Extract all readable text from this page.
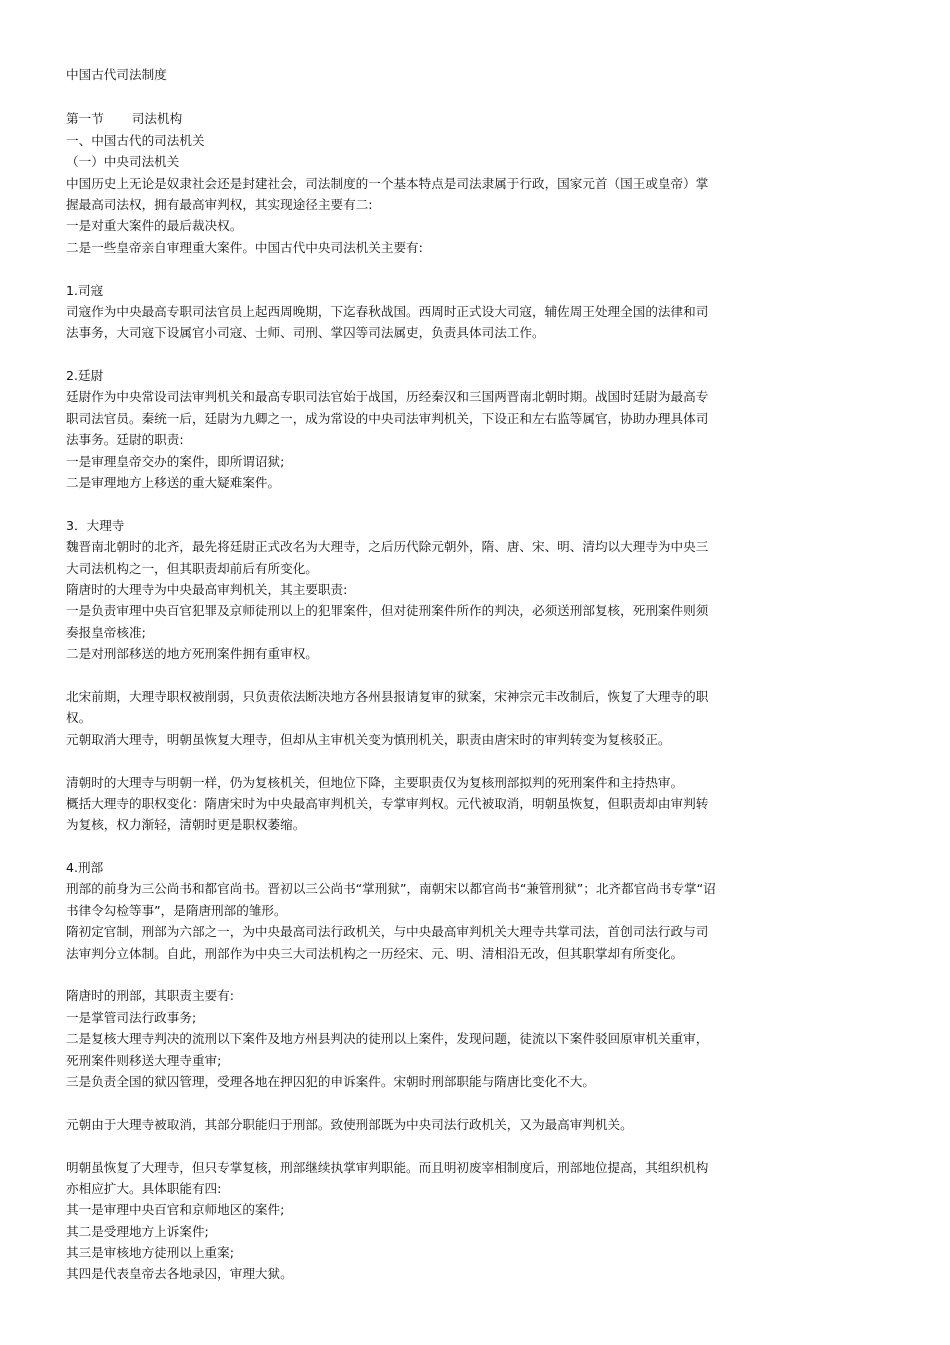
中国古代司法制度
第一节 司法机构
一、中国古代的司法机关
（一）中央司法机关
中国历史上无论是奴隶社会还是封建社会，司法制度的一个基本特点是司法隶属于行政，国家元首（国王或皇帝）掌
握最高司法权，拥有最高审判权，其实现途径主要有二:
一是对重大案件的最后裁决权。
二是一些皇帝亲自审理重大案件。中国古代中央司法机关主要有:
1.司寇
司寇作为中央最高专职司法官员上起西周晚期，下迄春秋战国。西周时正式设大司寇，辅佐周王处理全国的法律和司
法事务，大司寇下设属官小司寇、士师、司刑、掌囚等司法属吏，负责具体司法工作。
2.廷尉
廷尉作为中央常设司法审判机关和最高专职司法官始于战国，历经秦汉和三国两晋南北朝时期。战国时廷尉为最高专
职司法官员。秦统一后，廷尉为九卿之一，成为常设的中央司法审判机关，下设正和左右监等属官，协助办理具体司
法事务。廷尉的职责:
一是审理皇帝交办的案件，即所谓诏狱;
二是审理地方上移送的重大疑难案件。
3．大理寺
魏晋南北朝时的北齐，最先将廷尉正式改名为大理寺，之后历代除元朝外，隋、唐、宋、明、清均以大理寺为中央三
大司法机构之一，但其职责却前后有所变化。
隋唐时的大理寺为中央最高审判机关，其主要职责:
一是负责审理中央百官犯罪及京师徒刑以上的犯罪案件，但对徒刑案件所作的判决，必须送刑部复核，死刑案件则须
奏报皇帝核准;
二是对刑部移送的地方死刑案件拥有重审权。
北宋前期，大理寺职权被削弱，只负责依法断决地方各州县报请复审的狱案，宋神宗元丰改制后，恢复了大理寺的职
权。
元朝取消大理寺，明朝虽恢复大理寺，但却从主审机关变为慎刑机关，职责由唐宋时的审判转变为复核驳正。
清朝时的大理寺与明朝一样，仍为复核机关，但地位下降，主要职责仅为复核刑部拟判的死刑案件和主持热审。
概括大理寺的职权变化：隋唐宋时为中央最高审判机关，专掌审判权。元代被取消，明朝虽恢复，但职责却由审判转
为复核，权力渐轻，清朝时更是职权萎缩。
4.刑部
刑部的前身为三公尚书和都官尚书。晋初以三公尚书“掌刑狱”，南朝宋以都官尚书“兼管刑狱”；北齐都官尚书专掌“诏
书律令勾检等事”，是隋唐刑部的雏形。
隋初定官制，刑部为六部之一，为中央最高司法行政机关，与中央最高审判机关大理寺共掌司法，首创司法行政与司
法审判分立体制。自此，刑部作为中央三大司法机构之一历经宋、元、明、清相沿无改，但其职掌却有所变化。
隋唐时的刑部，其职责主要有:
一是掌管司法行政事务;
二是复核大理寺判决的流刑以下案件及地方州县判决的徒刑以上案件，发现问题，徒流以下案件驳回原审机关重审，
死刑案件则移送大理寺重审;
三是负责全国的狱囚管理，受理各地在押囚犯的申诉案件。宋朝时刑部职能与隋唐比变化不大。
元朝由于大理寺被取消，其部分职能归于刑部。致使刑部既为中央司法行政机关，又为最高审判机关。
明朝虽恢复了大理寺，但只专掌复核，刑部继续执掌审判职能。而且明初废宰相制度后，刑部地位提高，其组织机构
亦相应扩大。具体职能有四:
其一是审理中央百官和京师地区的案件;
其二是受理地方上诉案件;
其三是审核地方徒刑以上重案;
其四是代表皇帝去各地录囚，审理大狱。
